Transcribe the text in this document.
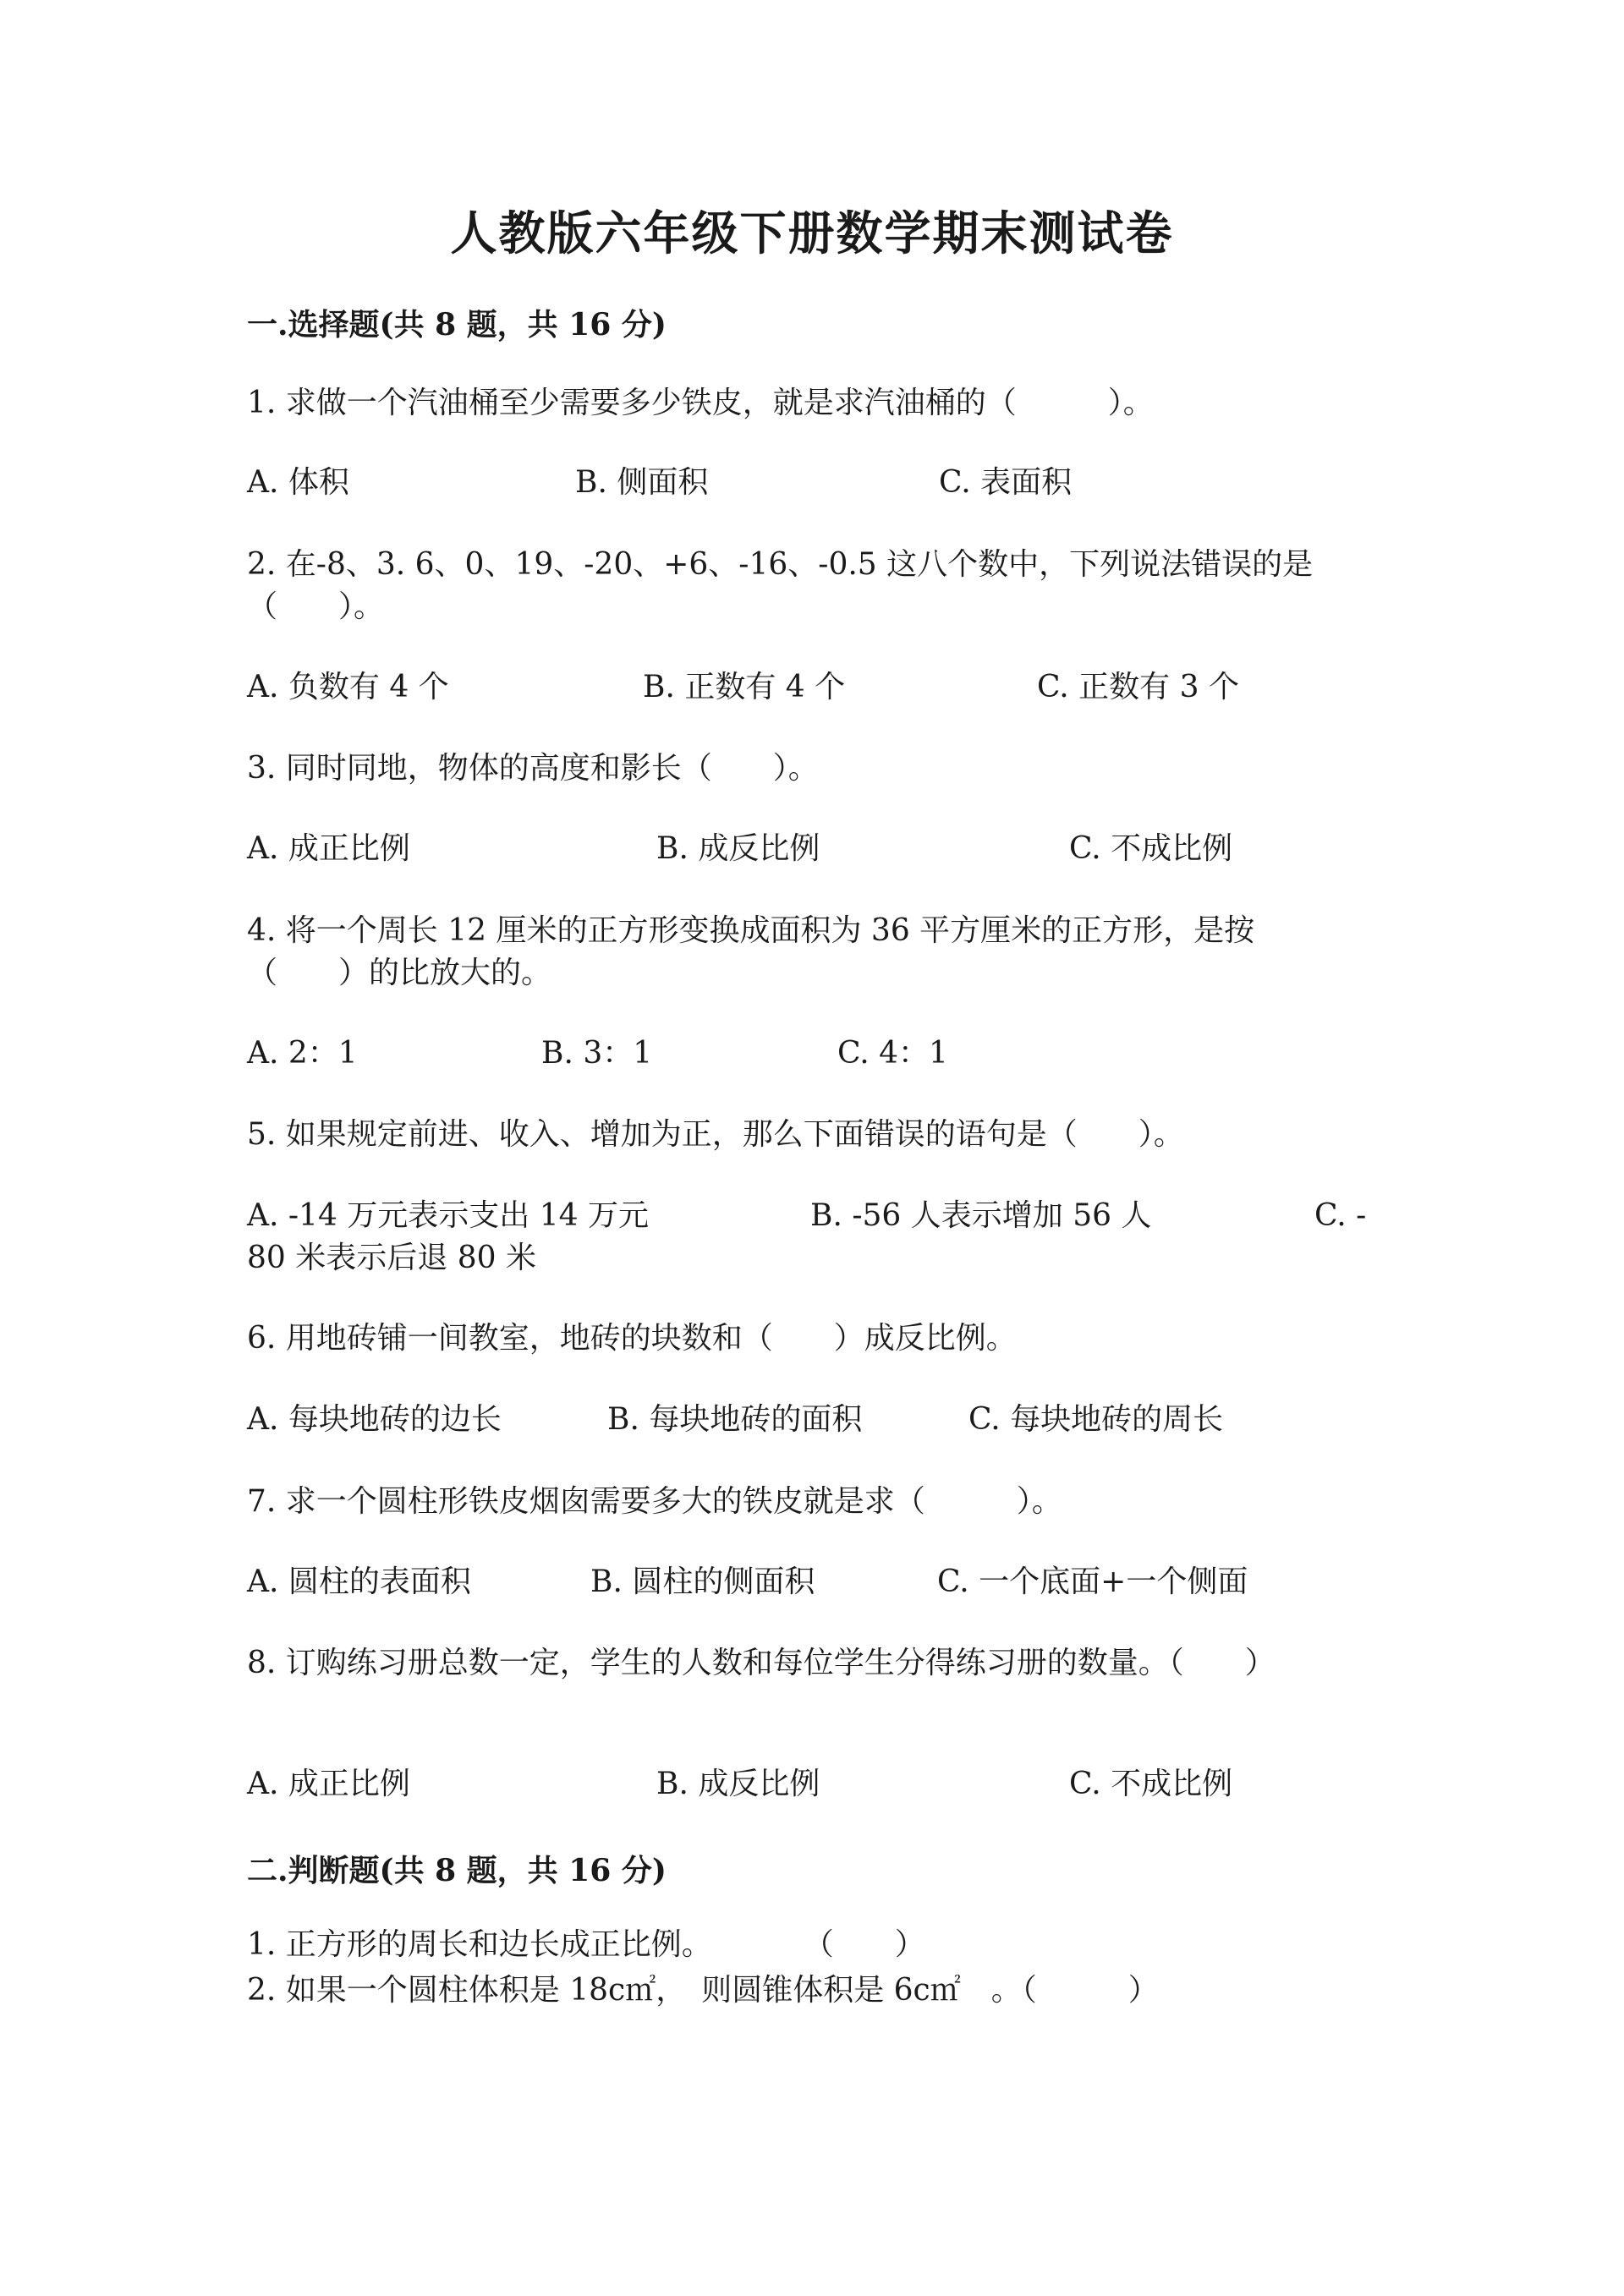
人教版六年级下册数学期末测试卷
一.选择题(共 8 题，共 16 分)
1. 求做一个汽油桶至少需要多少铁皮，就是求汽油桶的（　　　）。
A. 体积	B. 侧面积	C. 表面积
2. 在-8、3. 6、0、19、-20、+6、-16、-0.5 这八个数中，下列说法错误的是
（　　）。
A. 负数有 4 个	B. 正数有 4 个	C. 正数有 3 个
3. 同时同地，物体的高度和影长（　　）。
A. 成正比例	B. 成反比例	C. 不成比例
4. 将一个周长 12 厘米的正方形变换成面积为 36 平方厘米的正方形，是按
（　　）的比放大的。
A. 2：1	B. 3：1	C. 4：1
5. 如果规定前进、收入、增加为正，那么下面错误的语句是（　　）。
A. -14 万元表示支出 14 万元	B. -56 人表示增加 56 人	C. -
80 米表示后退 80 米
6. 用地砖铺一间教室，地砖的块数和（　　）成反比例。
A. 每块地砖的边长	B. 每块地砖的面积	C. 每块地砖的周长
7. 求一个圆柱形铁皮烟囱需要多大的铁皮就是求（　　　）。
A. 圆柱的表面积	B. 圆柱的侧面积	C. 一个底面+一个侧面
8. 订购练习册总数一定，学生的人数和每位学生分得练习册的数量。（　　）
A. 成正比例	B. 成反比例	C. 不成比例
二.判断题(共 8 题，共 16 分)
1. 正方形的周长和边长成正比例。　　　　（　　）
2. 如果一个圆柱体积是 18c㎡，　则圆锥体积是 6c㎡　。（　　　）
